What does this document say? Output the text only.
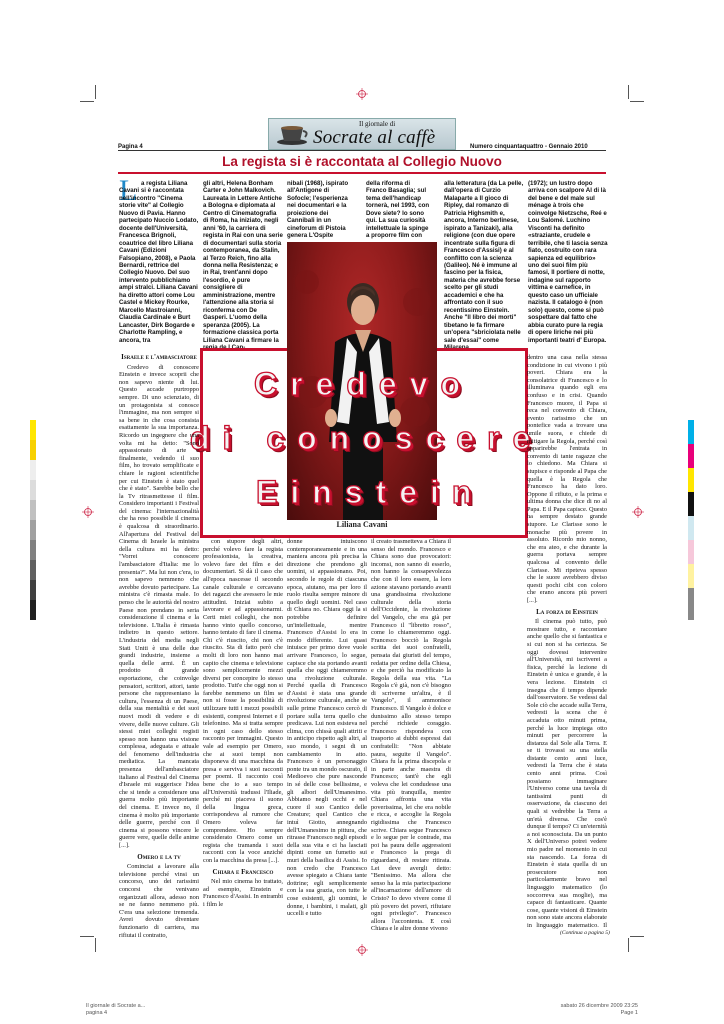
Il giornale di
Socrate al caffè
Pagina 4	Numero cinquantaquattro - Gennaio 2010
La regista si è raccontata al Collegio Nuovo
L a regista Liliana Cavani si è raccontata nell'incontro "Cinema storie vite" al Collegio Nuovo di Pavia. Hanno partecipato Nuccio Lodato, docente dell'Università, Francesca Brignoli, coautrice del libro Liliana Cavani (Edizioni Falsopiano, 2008), e Paola Bernardi, rettrice del Collegio Nuovo. Del suo intervento pubblichiamo ampi stralci. Liliana Cavani ha diretto attori come Lou Castel e Mickey Rourke, Marcello Mastroianni, Claudia Cardinale e Burt Lancaster, Dirk Bogarde e Charlotte Rampling, e ancora, tra
gli altri, Helena Bonham Carter e John Malkovich. Laureata in Lettere Antiche a Bologna e diplomata al Centro di Cinematografia di Roma, ha iniziato, negli anni '60, la carriera di regista in Rai con una serie di documentari sulla storia contemporanea, da Stalin, al Terzo Reich, fino alla donna nella Resistenza; e in Rai, trent'anni dopo l'esordio, è pure consigliere di amministrazione, mentre l'attenzione alla storia si riconferma con De Gasperi. L'uomo della speranza (2005). La formazione classica porta Liliana Cavani a firmare la
nibali (1968), ispirato all'Antigone di Sofocle; l'esperienza nei documentari e la proiezione dei Cannibali in un cineforum di Pistoia genera L'Ospite
della riforma di Franco Basaglia; sul tema dell'handicap tornerà, nel 1993, con Dove siete? Io sono qui. La sua curiosità intellettuale la spinge a proporre film con
alla letteratura (da La pelle, dall'opera di Curzio Malaparte a Il gioco di Ripley, dal romanzo di Patricia Highsmith e, ancora, Interno berlinese, ispirato a Tanizaki), alla religione (con due opere incentrate sulla figura di Francesco d'Assisi) e al conflitto con la scienza (Galileo). Né è immune al fascino per la fisica, materia che avrebbe forse scelto per gli studi accademici e che ha affrontato con il suo recentissimo Einstein. Anche "Il libro dei morti" tibetano le fa firmare un'opera "sbriciolata nelle sale d'essai" come
(1972); un lustro dopo arriva con scalpore Al di là del bene e del male sul ménage à trois che coinvolge Nietzsche, Reé e Lou Salomé. Luchino Visconti ha definito «straziante, crudele e terribile, che ti lascia senza fiato, costruito con rara sapienza ed equilibrio» uno dei suoi film più famosi, Il portiere di notte, indagine sul rapporto vittima e carnefice, in questo caso un ufficiale nazista. Il catalogo è (non solo) questo, come si può sospettare dal fatto che abbia curato pure la regia di opere liriche nei più importanti teatri d' Europa.
Liliana Cavani
Credevo
di conoscere
Einstein

Israele e l'ambasciatore

Credevo di conoscere Einstein e invece scoprii che non sapevo niente di lui. Questo accade purtroppo sempre. Di uno scienziato, di un protagonista si conosce l'immagine, ma non sempre si sa bene in che cosa consista esattamente la sua importanza. Ricordo un ingegnere che una volta mi ha detto: "Sono appassionato di arte e finalmente, vedendo il suo film, ho trovato semplificate e chiare le ragioni scientifiche per cui Einstein è stato quel che è stato". Sarebbe bello che la Tv ritrasmettesse il film. Considero importanti i Festival del cinema: l'internazionalità che ha reso possibile il cinema è qualcosa di straordinario. All'apertura del Festival del Cinema di Israele la ministra della cultura mi ha detto: "Vorrei conoscere l'ambasciatore d'Italia: me lo presenta?". Ma lui non c'era, io non sapevo nemmeno che avrebbe dovuto partecipare. La ministra c'è rimasta male. Io penso che le autorità del nostro Paese non prendano in seria considerazione il cinema e la televisione. L'Italia è rimasta indietro in questo settore. L'industria del media negli Stati Uniti è una delle due grandi industrie, insieme a quella delle armi. È un prodotto di grande esportazione, che coinvolge pensatori, scrittori, attori, tante persone che rappresentano la cultura, l'essenza di un Paese, della sua mentalità e dei suoi nuovi modi di vedere e di vivere, delle nuove culture. Gli stessi miei colleghi registi spesso non hanno una visione complessa, adeguata e attuale del fenomeno dell'industria mediatica. La mancata presenza dell'ambasciatore italiano al Festival del Cinema d'Israele mi suggerisce l'idea che si tende a considerare una guerra molto più importante del cinema. E invece no, il cinema è molto più importante delle guerre, perché con il cinema si possono vincere le guerre vere, quelle delle anime [...].

Omero e la tv

Cominciai a lavorare alla televisione perché vinsi un concorso, uno dei rarissimi concorsi che venivano organizzati allora, adesso non se ne fanno nemmeno più. C'era una selezione tremenda. Avrei dovuto diventare funzionario di carriera, ma rifiutai il contratto,

con stupore degli altri, perché volevo fare la regista professionista, la creativa, volevo fare dei film e dei documentari. Sì dà il caso che all'epoca nascesse il secondo canale culturale e cercavano dei ragazzi che avessero le mie attitudini. Iniziai subito a lavorare e ad appassionarmi. Certi miei colleghi, che non hanno vinto quello concorso, hanno tentato di fare il cinema. Chi c'è riuscito, chi non c'è riuscito. Sta di fatto però che molti di loro non hanno mai capito che cinema e televisione sono semplicemente mezzi diversi per concepire lo stesso prodotto. Tutt'e che oggi non si farebbe nemmeno un film se non si fosse la possibilità di utilizzare tutti i mezzi possibili esistenti, compresi Internet e il telefonino. Ma si tratta sempre in ogni caso dello stesso racconto per immagini. Questo vale ad esempio per Omero, che ai suoi tempi non disponeva di una macchina da presa e serviva i suoi racconti per poemi. Il racconto così bene che io a suo tempo all'Università tradussi l'Iliade, perché mi piaceva il suono della lingua greca, corrispondeva al rumore che Omero voleva far comprendere. Ho sempre considerato Omero come un regista che tramanda i suoi racconti con la voce anziché con la macchina da presa [...].

Chiara e Francesco

Nel mio cinema ho trattato, ad esempio, Einstein e Francesco d'Assisi. In entrambi i film le

donne intuiscono contemporaneamente e in una maniera ancora più precisa la direzione che prendono gli uomini, si appassionano. Poi, secondo le regole di ciascuna epoca, aiutano, ma per loro il ruolo risulta sempre minore di quello degli uomini. Nel caso di Chiara no. Chiara oggi la si potrebbe definire un'intellettuale, mentre Francesco d'Assisi lo era in modo differente. Lui quasi intuisce per primo dove vuole arrivare Francesco, lo segue, capisce che sta portando avanti quella che oggi chiameremmo una rivoluzione culturale. Perché quella di Francesco d'Assisi è stata una grande rivoluzione culturale, anche se sulle prime Francesco cercò di portare sulla terra quello che predicava. Lui non esisteva nel clima, con chissà quali attriti e in anticipo rispetto agli altri, al suo mondo, i segni di un cambiamento in atto. Francesco è un personaggio ponte tra un mondo oscurato, il Medioevo che pure nasconde in sé delle cose bellissime, e gli albori dell'Umanesimo. Abbiamo negli occhi e nel cuore il suo Cantico delle Creature; quel Cantico che intuì Giotto, annegnando dell'Umanesimo in pittura, che ritrasse Francesco negli episodi della sua vita e ci ha lasciati dipinti come un fumetto sui muri della basilica di Assisi. Io non credo che Francesco avesse spiegato a Chiara tante dottrine; egli semplicemente con la sua grazia, con tutte le cose esistenti, gli uomini, le donne, i bambini, i malati, gli uccelli e tutto

il creato trasmetteva a Chiara il senso del mondo. Francesco e Chiara sono due provocatori: incomsi, non sanno di esserlo, non hanno la consapevolezza che con il loro essere, la loro azione stavano portando avanti una grandissima rivoluzione culturale della storia dell'Occidente, la rivoluzione del Vangelo, che era già per Francesco il "libretto rosso", come lo chiameremmo oggi. Francesco bocciò la Regola scritta dei suoi confratelli, pensata dai giuristi del tempo, redatta per ordine della Chiesa, e che perciò ha modificato la Regola della sua vita. "La Regola c'è già, non c'è bisogno di scriverne un'altra, è il Vangelo", il ammonisce Francesco. Il Vangelo è dolce e dunissimo allo stesso tempo perché richiede coraggio. Francesco rispondeva con trasporto ai dubbi espressi dai confratelli: "Non abbiate paura, seguite il Vangelo". Chiara fu la prima discepola e in parte anche maestra di Francesco; tant'è che egli voleva che lei condudesse una vita più tranquilla, mentre Chiara affronta una vita poverissima, lei che era nobile e ricca, e accoglie la Regola rigidissima che Francesco scrive. Chiara segue Francesco e lo segue per le contrade, ma poi ha paura delle aggressioni e Francesco la prega di riguardarsi, di restare ritirata. Lei deve avergli detto: "Benissimo. Ma allora che senso ha la mia partecipazione all'incarnazione dell'amore di Cristo? Io devo vivere come il più povero dei poveri, rifiutare ogni privilegio". Francesco allora l'accontenta. E così Chiara e le altre donne vivono

dentro una casa nella stessa condizione in cui vivono i più poveri. Chiara era la consolatrice di Francesco e lo illuminava quando egli era confuso e in crisi. Quando Francesco muore, il Papa si reca nel convento di Chiara, evento rarissimo che un pontefice vada a trovare una umile suora, e chiede di mitigare la Regola, perché così apparirebbe l'entrata in convento di tante ragazze che lo chiedono. Ma Chiara si stupisce e risponde al Papa che quella è la Regola che Francesco ha dato loro. Oppone il rifiuto, e la prima e ultima donna che dice di no al Papa. E il Papa capisce. Questo ha sempre destato grande stupore. Le Clarisse sono le monache più povere in assoluto. Ricordo mio nonno, che era ateo, e che durante la guerra portava sempre qualcosa al convento delle Clarisse. Mi ripeteva spesso che le suore avrebbero diviso questi pochi cibi con coloro che erano ancora più poveri [...].

La forza di Einstein

Il cinema può tutto, può mostrare tutto, e raccontare anche quello che si fantastica e si cui non si ha certezza. Se oggi dovessi intervenire all'Università, mi iscriverei a fisica, perché la lezione di Einstein è unica e grande, è la vera lezione. Einstein ci insegna che il tempo dipende dall'osservatore. Se vedessi dal Sole ciò che accade sulla Terra, vedresti la scena che è accaduta otto minuti prima, perché la luce impiega otto minuti per percorrere la distanza dal Sole alla Terra. E se ti trovassi su una stella distante cento anni luce, vedresti la Terra che è stata cento anni prima. Così possiamo immaginare l'Universo come una tavola di tantissimi punti di osservazione, da ciascuno dei quali si vedrebbe la Terra a un'età diversa. Che cos'è dunque il tempo? Ci un'eternità a noi sconosciuta. Da un punto X dell'Universo potrei vedere mio padre nel momento in cui sta nascendo. La forza di Einstein è stata quella di un prosecutore non particolarmente bravo nel linguaggio matematico (lo soccorreva sua moglie), ma capace di fantasticare. Quante cose, quante visioni di Einstein non sono state ancora elaborate in linguaggio matematico. Il

(Continua a pagina 5)
Il giornale di Socrate a...
pagina 4
sabato 26 dicembre 2009 23:25
Page 1
